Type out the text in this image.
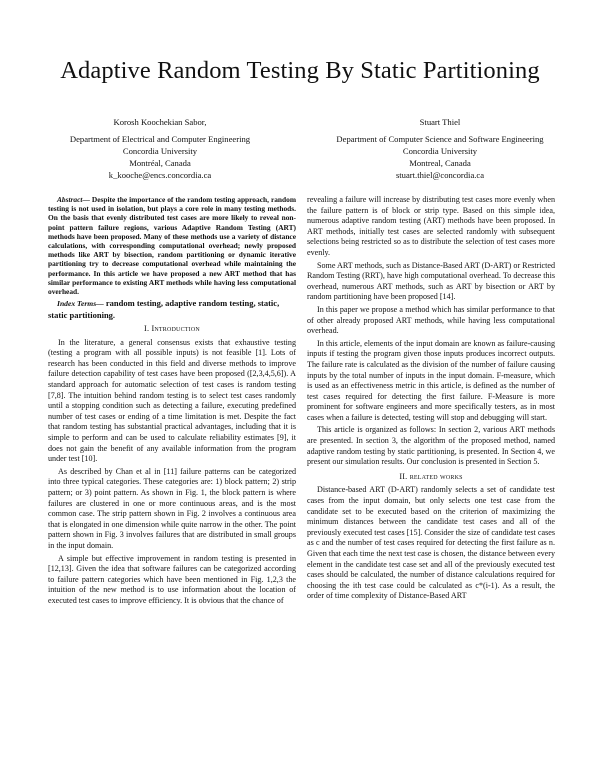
Adaptive Random Testing By Static Partitioning
Korosh Koochekian Sabor,
Department of Electrical and Computer Engineering
Concordia University
Montréal, Canada
k_kooche@encs.concordia.ca
Stuart Thiel
Department of Computer Science and Software Engineering
Concordia University
Montreal, Canada
stuart.thiel@concordia.ca

Abstract— Despite the importance of the random testing approach, random testing is not used in isolation, but plays a core role in many testing methods. On the basis that evenly distributed test cases are more likely to reveal non-point pattern failure regions, various Adaptive Random Testing (ART) methods have been proposed. Many of these methods use a variety of distance calculations, with corresponding computational overhead; newly proposed methods like ART by bisection, random partitioning or dynamic iterative partitioning try to decrease computational overhead while maintaining the performance. In this article we have proposed a new ART method that has similar performance to existing ART methods while having less computational overhead.

Index Terms— random testing, adaptive random testing, static, static partitioning.

I. Introduction

In the literature, a general consensus exists that exhaustive testing (testing a program with all possible inputs) is not feasible [1]. Lots of research has been conducted in this field and diverse methods to improve failure detection capability of test cases have been proposed ([2,3,4,5,6]). A standard approach for automatic selection of test cases is random testing [7,8]. The intuition behind random testing is to select test cases randomly until a stopping condition such as detecting a failure, executing predefined number of test cases or ending of a time limitation is met. Despite the fact that random testing has substantial practical advantages, including that it is simple to perform and can be used to calculate reliability estimates [9], it does not gain the benefit of any available information from the program under test [10].

As described by Chan et al in [11] failure patterns can be categorized into three typical categories. These categories are: 1) block pattern; 2) strip pattern; or 3) point pattern. As shown in Fig. 1, the block pattern is where failures are clustered in one or more continuous areas, and is the most common case. The strip pattern shown in Fig. 2 involves a continuous area that is elongated in one dimension while quite narrow in the other. The point pattern shown in Fig. 3 involves failures that are distributed in small groups in the input domain.

A simple but effective improvement in random testing is presented in [12,13]. Given the idea that software failures can be categorized according to failure pattern categories which have been mentioned in Fig. 1,2,3 the intuition of the new method is to use information about the location of executed test cases to improve efficiency. It is obvious that the chance of

revealing a failure will increase by distributing test cases more evenly when the failure pattern is of block or strip type. Based on this simple idea, numerous adaptive random testing (ART) methods have been proposed. In ART methods, initially test cases are selected randomly with subsequent selections being restricted so as to distribute the selection of test cases more evenly.

Some ART methods, such as Distance-Based ART (D-ART) or Restricted Random Testing (RRT), have high computational overhead. To decrease this overhead, numerous ART methods, such as ART by bisection or ART by random partitioning have been proposed [14].

In this paper we propose a method which has similar performance to that of other already proposed ART methods, while having less computational overhead.

In this article, elements of the input domain are known as failure-causing inputs if testing the program given those inputs produces incorrect outputs. The failure rate is calculated as the division of the number of failure causing inputs by the total number of inputs in the input domain. F-measure, which is used as an effectiveness metric in this article, is defined as the number of test cases required for detecting the first failure. F-Measure is more prominent for software engineers and more specifically testers, as in most cases when a failure is detected, testing will stop and debugging will start.

This article is organized as follows: In section 2, various ART methods are presented. In section 3, the algorithm of the proposed method, named adaptive random testing by static partitioning, is presented. In Section 4, we present our simulation results. Our conclusion is presented in Section 5.

II. related works

Distance-based ART (D-ART) randomly selects a set of candidate test cases from the input domain, but only selects one test case from the candidate set to be executed based on the criterion of maximizing the minimum distances between the candidate test cases and all of the previously executed test cases [15]. Consider the size of candidate test cases as c and the number of test cases required for detecting the first failure as n. Given that each time the next test case is chosen, the distance between every element in the candidate test case set and all of the previously executed test cases should be calculated, the number of distance calculations required for choosing the ith test case could be calculated as c*(i-1). As a result, the order of time complexity of Distance-Based ART
